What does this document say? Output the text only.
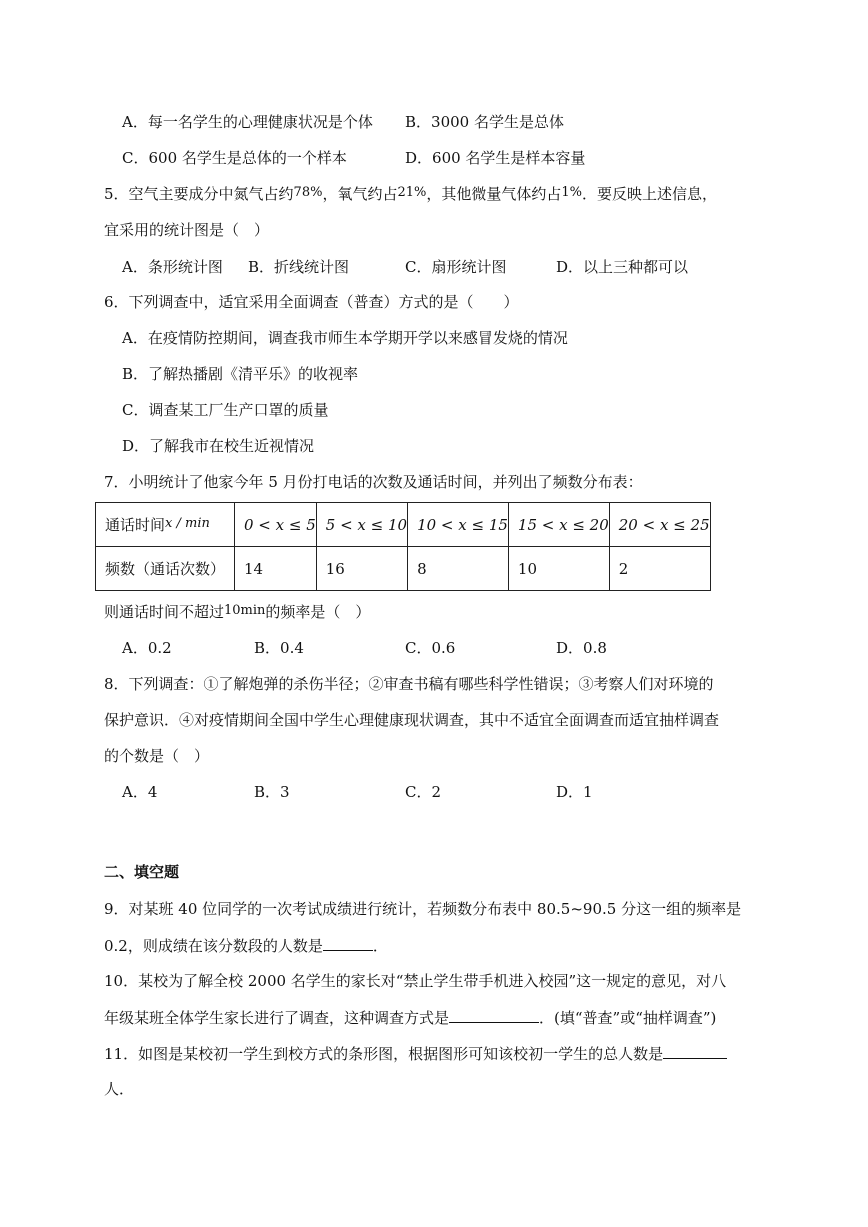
A．每一名学生的心理健康状况是个体 B．3000 名学生是总体
C．600 名学生是总体的一个样本	D．600 名学生是样本容量
5．空气主要成分中氮气占约78%，氧气约占21%，其他微量气体约占1%．要反映上述信息，
宜采用的统计图是（　）
A．条形统计图 B．折线统计图	C．扇形统计图	D．以上三种都可以
6．下列调查中，适宜采用全面调查（普查）方式的是（　　）
A．在疫情防控期间，调查我市师生本学期开学以来感冒发烧的情况
B．了解热播剧《清平乐》的收视率
C．调查某工厂生产口罩的质量
D．了解我市在校生近视情况
7．小明统计了他家今年 5 月份打电话的次数及通话时间，并列出了频数分布表：
通话时间x / min	0 < x ≤ 5	5 < x ≤ 10	10 < x ≤ 15	15 < x ≤ 20	20 < x ≤ 25
频数（通话次数）	14	16	8	10	2
则通话时间不超过10min的频率是（　）
A．0.2	B．0.4	C．0.6	D．0.8
8．下列调查：①了解炮弹的杀伤半径；②审查书稿有哪些科学性错误；③考察人们对环境的
保护意识．④对疫情期间全国中学生心理健康现状调查，其中不适宜全面调查而适宜抽样调查
的个数是（　）
A．4	B．3	C．2	D．1
二、填空题
9．对某班 40 位同学的一次考试成绩进行统计，若频数分布表中 80.5~90.5 分这一组的频率是
0.2，则成绩在该分数段的人数是	．
10．某校为了解全校 2000 名学生的家长对“禁止学生带手机进入校园”这一规定的意见，对八
年级某班全体学生家长进行了调查，这种调查方式是	．(填“普查”或“抽样调查”)
11．如图是某校初一学生到校方式的条形图，根据图形可知该校初一学生的总人数是
人．
